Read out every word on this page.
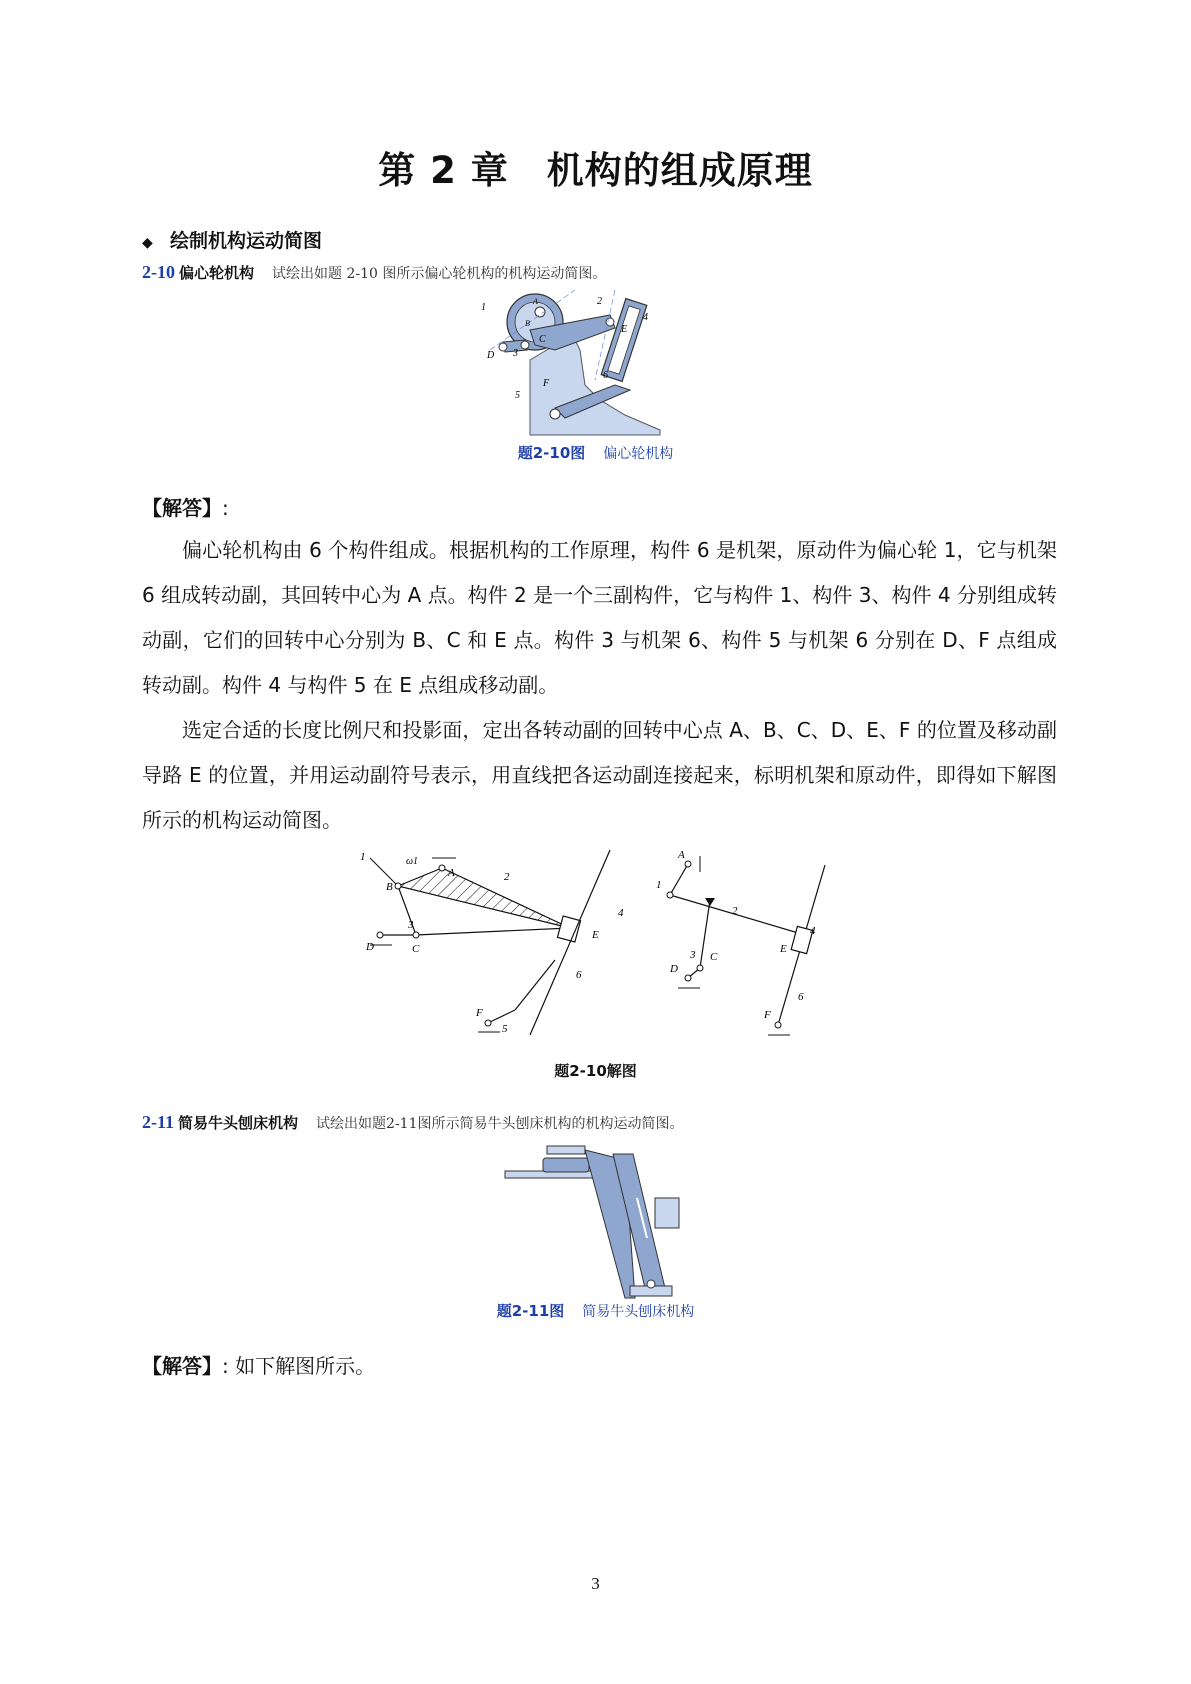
第 2 章　机构的组成原理
◆ 绘制机构运动简图
2-10 偏心轮机构 试绘出如题 2-10 图所示偏心轮机构的机构运动简图。
1
A
B
2
4
E
D 3
C
F
6
5
题2-10图 偏心轮机构
【解答】:

偏心轮机构由 6 个构件组成。根据机构的工作原理，构件 6 是机架，原动件为偏心轮 1，它与机架 6 组成转动副，其回转中心为 A 点。构件 2 是一个三副构件，它与构件 1、构件 3、构件 4 分别组成转动副，它们的回转中心分别为 B、C 和 E 点。构件 3 与机架 6、构件 5 与机架 6 分别在 D、F 点组成转动副。构件 4 与构件 5 在 E 点组成移动副。

选定合适的长度比例尺和投影面，定出各转动副的回转中心点 A、B、C、D、E、F 的位置及移动副导路 E 的位置，并用运动副符号表示，用直线把各运动副连接起来，标明机架和原动件，即得如下解图所示的机构运动简图。

1	ω1
A
B
2
4
E
3
D	C
6
F
5
A
1
2
4
E
3 C
D
6
F
题2-10解图
2-11 简易牛头刨床机构 试绘出如题2-11图所示简易牛头刨床机构的机构运动简图。
题2-11图 简易牛头刨床机构
【解答】: 如下解图所示。
3
